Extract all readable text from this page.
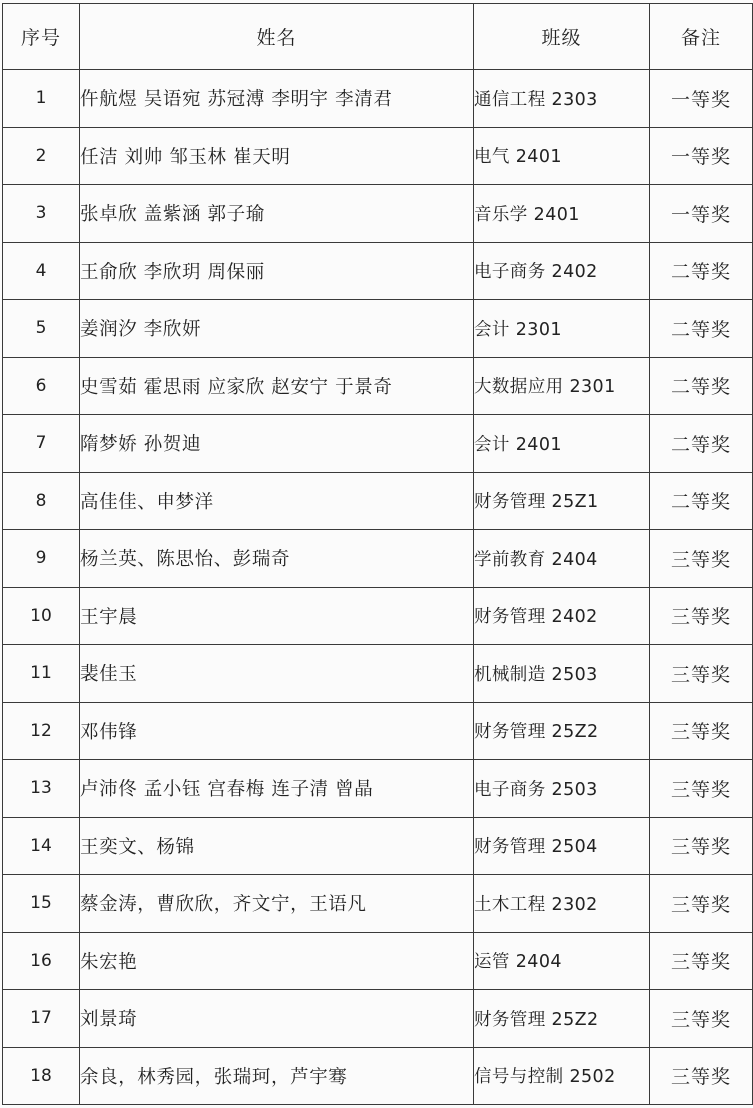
序号	姓名	班级	备注
1	仵航煜 吴语宛 苏冠溥 李明宇 李清君	通信工程 2303	一等奖
2	任洁 刘帅 邹玉林 崔天明	电气 2401	一等奖
3	张卓欣 盖紫涵 郭子瑜	音乐学 2401	一等奖
4	王俞欣 李欣玥 周保丽	电子商务 2402	二等奖
5	姜润汐 李欣妍	会计 2301	二等奖
6	史雪茹 霍思雨 应家欣 赵安宁 于景奇	大数据应用 2301	二等奖
7	隋梦娇 孙贺迪	会计 2401	二等奖
8	高佳佳、申梦洋	财务管理 25Z1	二等奖
9	杨兰英、陈思怡、彭瑞奇	学前教育 2404	三等奖
10	王宇晨	财务管理 2402	三等奖
11	裴佳玉	机械制造 2503	三等奖
12	邓伟锋	财务管理 25Z2	三等奖
13	卢沛佟 孟小钰 宫春梅 连子清 曾晶	电子商务 2503	三等奖
14	王奕文、杨锦	财务管理 2504	三等奖
15	蔡金涛，曹欣欣，齐文宁，王语凡	土木工程 2302	三等奖
16	朱宏艳	运管 2404	三等奖
17	刘景琦	财务管理 25Z2	三等奖
18	余良，林秀园，张瑞珂，芦宇骞	信号与控制 2502	三等奖
